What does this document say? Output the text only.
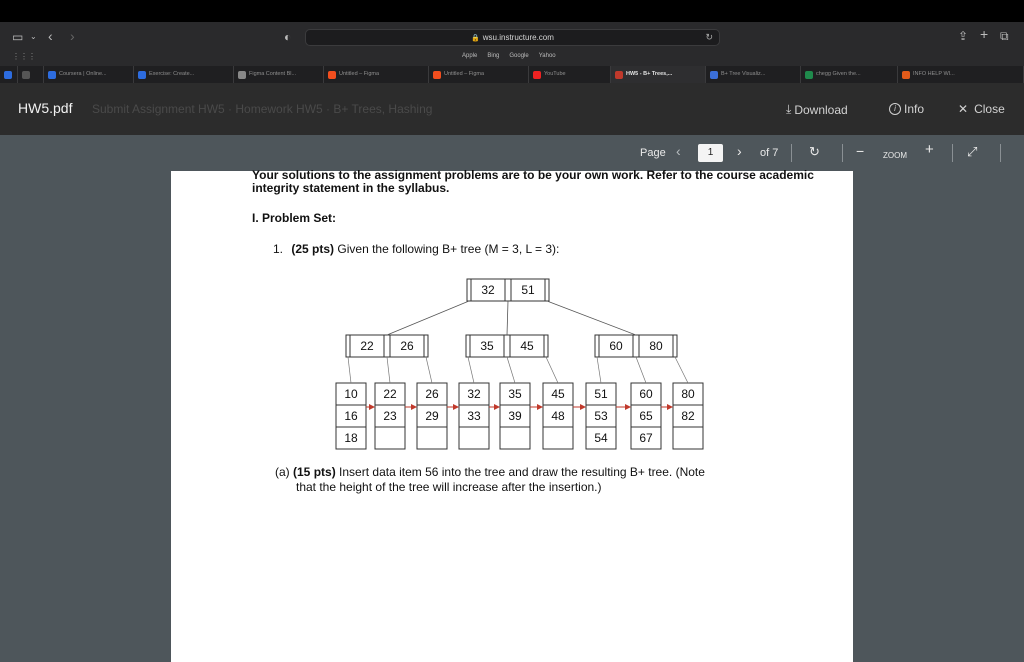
▭ ⌄ ‹ ›
⋮⋮⋮
◐	🔒 wsu.instructure.com	↻
Apple Bing Google Yahoo
⇪ + ⧉
Coursera | Online...	Exercise: Create...	Figma Content Bl...	Untitled – Figma	Untitled – Figma	YouTube	HW5 - B+ Trees,...	B+ Tree Visualiz...	chegg Given the...	INFO HELP WI...
HW5.pdf Submit Assignment HW5 · Homework HW5 · B+ Trees, Hashing	⤓ Download	i Info	✕ Close
Page ‹	1	› of 7 ↻	− ZOOM +	⤢
Your solutions to the assignment problems are to be your own work. Refer to the course academic
integrity statement in the syllabus.
I. Problem Set:
1. (25 pts) Given the following B+ tree (M = 3, L = 3):
32 51
22 26	35 45	60 80
10
16
18
22
23
26
29
32
33
35
39
45
48
51
53
54
60
65
67
80
82
(a) (15 pts) Insert data item 56 into the tree and draw the resulting B+ tree. (Note
that the height of the tree will increase after the insertion.)
